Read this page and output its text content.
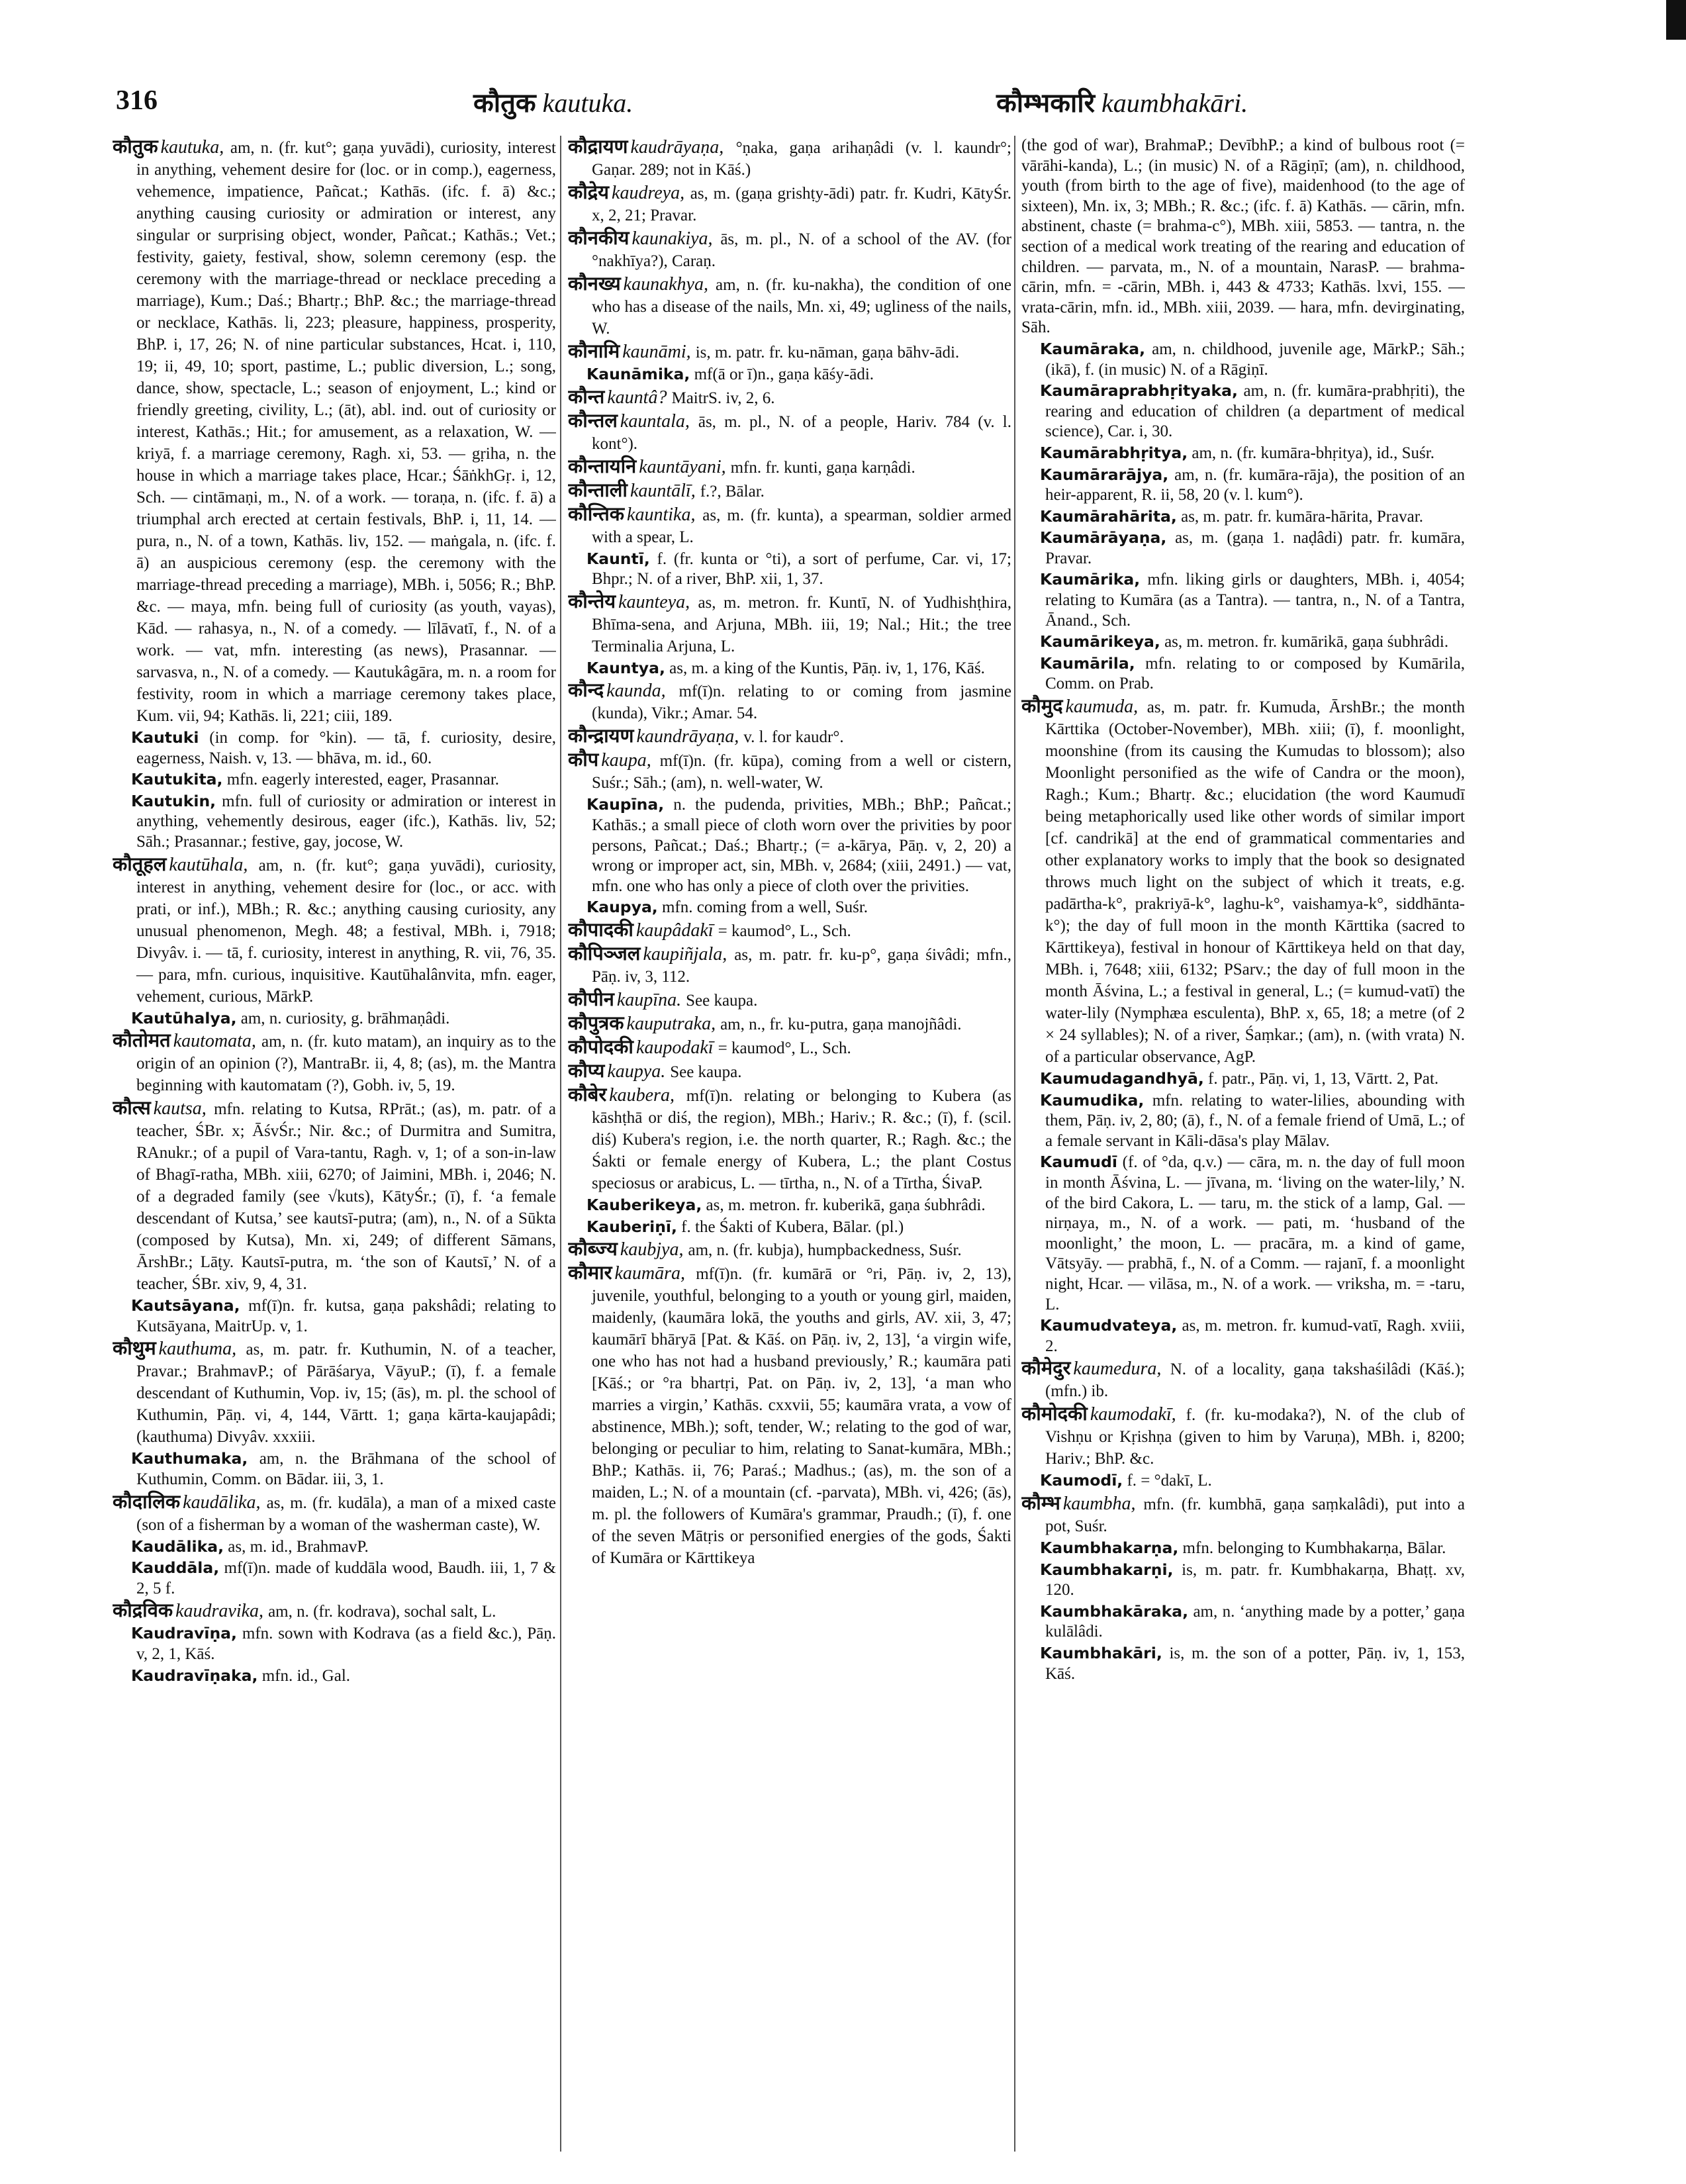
316	कौतुक kautuka.	कौम्भकारि kaumbhakāri.

कौतुक kautuka, am, n. (fr. kut°; gaṇa yuvādi), curiosity, interest in anything, vehement desire for (loc. or in comp.), eagerness, vehemence, impatience, Pañcat.; Kathās. (ifc. f. ā) &c.; anything causing curiosity or admiration or interest, any singular or surprising object, wonder, Pañcat.; Kathās.; Vet.; festivity, gaiety, festival, show, solemn ceremony (esp. the ceremony with the marriage-thread or necklace preceding a marriage), Kum.; Daś.; Bhartṛ.; BhP. &c.; the marriage-thread or necklace, Kathās. li, 223; pleasure, happiness, prosperity, BhP. i, 17, 26; N. of nine particular substances, Hcat. i, 110, 19; ii, 49, 10; sport, pastime, L.; public diversion, L.; song, dance, show, spectacle, L.; season of enjoyment, L.; kind or friendly greeting, civility, L.; (āt), abl. ind. out of curiosity or interest, Kathās.; Hit.; for amusement, as a relaxation, W. — kriyā, f. a marriage ceremony, Ragh. xi, 53. — gṛiha, n. the house in which a marriage takes place, Hcar.; ŚāṅkhGṛ. i, 12, Sch. — cintāmaṇi, m., N. of a work. — toraṇa, n. (ifc. f. ā) a triumphal arch erected at certain festivals, BhP. i, 11, 14. — pura, n., N. of a town, Kathās. liv, 152. — maṅgala, n. (ifc. f. ā) an auspicious ceremony (esp. the ceremony with the marriage-thread preceding a marriage), MBh. i, 5056; R.; BhP. &c. — maya, mfn. being full of curiosity (as youth, vayas), Kād. — rahasya, n., N. of a comedy. — līlāvatī, f., N. of a work. — vat, mfn. interesting (as news), Prasannar. — sarvasva, n., N. of a comedy. — Kautukâgāra, m. n. a room for festivity, room in which a marriage ceremony takes place, Kum. vii, 94; Kathās. li, 221; ciii, 189.

Kautuki (in comp. for °kin). — tā, f. curiosity, desire, eagerness, Naish. v, 13. — bhāva, m. id., 60.

Kautukita, mfn. eagerly interested, eager, Prasannar.

Kautukin, mfn. full of curiosity or admiration or interest in anything, vehemently desirous, eager (ifc.), Kathās. liv, 52; Sāh.; Prasannar.; festive, gay, jocose, W.

कौतूहल kautūhala, am, n. (fr. kut°; gaṇa yuvādi), curiosity, interest in anything, vehement desire for (loc., or acc. with prati, or inf.), MBh.; R. &c.; anything causing curiosity, any unusual phenomenon, Megh. 48; a festival, MBh. i, 7918; Divyâv. i. — tā, f. curiosity, interest in anything, R. vii, 76, 35. — para, mfn. curious, inquisitive. Kautūhalânvita, mfn. eager, vehement, curious, MārkP.

Kautūhalya, am, n. curiosity, g. brāhmaṇâdi.

कौतोमत kautomata, am, n. (fr. kuto matam), an inquiry as to the origin of an opinion (?), MantraBr. ii, 4, 8; (as), m. the Mantra beginning with kautomatam (?), Gobh. iv, 5, 19.

कौत्स kautsa, mfn. relating to Kutsa, RPrāt.; (as), m. patr. of a teacher, ŚBr. x; ĀśvŚr.; Nir. &c.; of Durmitra and Sumitra, RAnukr.; of a pupil of Vara-tantu, Ragh. v, 1; of a son-in-law of Bhagī-ratha, MBh. xiii, 6270; of Jaimini, MBh. i, 2046; N. of a degraded family (see √kuts), KātyŚr.; (ī), f. ‘a female descendant of Kutsa,’ see kautsī-putra; (am), n., N. of a Sūkta (composed by Kutsa), Mn. xi, 249; of different Sāmans, ĀrshBr.; Lāṭy. Kautsī-putra, m. ‘the son of Kautsī,’ N. of a teacher, ŚBr. xiv, 9, 4, 31.

Kautsāyana, mf(ī)n. fr. kutsa, gaṇa pakshâdi; relating to Kutsāyana, MaitrUp. v, 1.

कौथुम kauthuma, as, m. patr. fr. Kuthumin, N. of a teacher, Pravar.; BrahmavP.; of Pārāśarya, VāyuP.; (ī), f. a female descendant of Kuthumin, Vop. iv, 15; (ās), m. pl. the school of Kuthumin, Pāṇ. vi, 4, 144, Vārtt. 1; gaṇa kārta-kaujapâdi; (kauthuma) Divyâv. xxxiii.

Kauthumaka, am, n. the Brāhmana of the school of Kuthumin, Comm. on Bādar. iii, 3, 1.

कौदालिक kaudālika, as, m. (fr. kudāla), a man of a mixed caste (son of a fisherman by a woman of the washerman caste), W.

Kaudālika, as, m. id., BrahmavP.

Kauddāla, mf(ī)n. made of kuddāla wood, Baudh. iii, 1, 7 & 2, 5 f.

कौद्रविक kaudravika, am, n. (fr. kodrava), sochal salt, L.

Kaudravīṇa, mfn. sown with Kodrava (as a field &c.), Pāṇ. v, 2, 1, Kāś.

Kaudravīṇaka, mfn. id., Gal.

कौद्रायण kaudrāyaṇa, °ṇaka, gaṇa arihaṇâdi (v. l. kaundr°; Gaṇar. 289; not in Kāś.)

कौद्रेय kaudreya, as, m. (gaṇa grishṭy-ādi) patr. fr. Kudri, KātyŚr. x, 2, 21; Pravar.

कौनकीय kaunakiya, ās, m. pl., N. of a school of the AV. (for °nakhīya?), Caraṇ.

कौनख्य kaunakhya, am, n. (fr. ku-nakha), the condition of one who has a disease of the nails, Mn. xi, 49; ugliness of the nails, W.

कौनामि kaunāmi, is, m. patr. fr. ku-nāman, gaṇa bāhv-ādi.

Kaunāmika, mf(ā or ī)n., gaṇa kāśy-ādi.

कौन्त kauntâ? MaitrS. iv, 2, 6.

कौन्तल kauntala, ās, m. pl., N. of a people, Hariv. 784 (v. l. kont°).

कौन्तायनि kauntāyani, mfn. fr. kunti, gaṇa karṇâdi.

कौन्ताली kauntālī, f.?, Bālar.

कौन्तिक kauntika, as, m. (fr. kunta), a spearman, soldier armed with a spear, L.

Kauntī, f. (fr. kunta or °ti), a sort of perfume, Car. vi, 17; Bhpr.; N. of a river, BhP. xii, 1, 37.

कौन्तेय kaunteya, as, m. metron. fr. Kuntī, N. of Yudhishṭhira, Bhīma-sena, and Arjuna, MBh. iii, 19; Nal.; Hit.; the tree Terminalia Arjuna, L.

Kauntya, as, m. a king of the Kuntis, Pāṇ. iv, 1, 176, Kāś.

कौन्द kaunda, mf(ī)n. relating to or coming from jasmine (kunda), Vikr.; Amar. 54.

कौन्द्रायण kaundrāyaṇa, v. l. for kaudr°.

कौप kaupa, mf(ī)n. (fr. kūpa), coming from a well or cistern, Suśr.; Sāh.; (am), n. well-water, W.

Kaupīna, n. the pudenda, privities, MBh.; BhP.; Pañcat.; Kathās.; a small piece of cloth worn over the privities by poor persons, Pañcat.; Daś.; Bhartṛ.; (= a-kārya, Pāṇ. v, 2, 20) a wrong or improper act, sin, MBh. v, 2684; (xiii, 2491.) — vat, mfn. one who has only a piece of cloth over the privities.

Kaupya, mfn. coming from a well, Suśr.

कौपादकी kaupâdakī = kaumod°, L., Sch.

कौपिञ्जल kaupiñjala, as, m. patr. fr. ku-p°, gaṇa śivâdi; mfn., Pāṇ. iv, 3, 112.

कौपीन kaupīna. See kaupa.

कौपुत्रक kauputraka, am, n., fr. ku-putra, gaṇa manojñâdi.

कौपोदकी kaupodakī = kaumod°, L., Sch.

कौप्य kaupya. See kaupa.

कौबेर kaubera, mf(ī)n. relating or belonging to Kubera (as kāshṭhā or diś, the region), MBh.; Hariv.; R. &c.; (ī), f. (scil. diś) Kubera's region, i.e. the north quarter, R.; Ragh. &c.; the Śakti or female energy of Kubera, L.; the plant Costus speciosus or arabicus, L. — tīrtha, n., N. of a Tīrtha, ŚivaP.

Kauberikeya, as, m. metron. fr. kuberikā, gaṇa śubhrâdi.

Kauberiṇī, f. the Śakti of Kubera, Bālar. (pl.)

कौब्ज्य kaubjya, am, n. (fr. kubja), humpbackedness, Suśr.

कौमार kaumāra, mf(ī)n. (fr. kumārā or °ri, Pāṇ. iv, 2, 13), juvenile, youthful, belonging to a youth or young girl, maiden, maidenly, (kaumāra lokā, the youths and girls, AV. xii, 3, 47; kaumārī bhāryā [Pat. & Kāś. on Pāṇ. iv, 2, 13], ‘a virgin wife, one who has not had a husband previously,’ R.; kaumāra pati [Kāś.; or °ra bhartṛi, Pat. on Pāṇ. iv, 2, 13], ‘a man who marries a virgin,’ Kathās. cxxvii, 55; kaumāra vrata, a vow of abstinence, MBh.); soft, tender, W.; relating to the god of war, belonging or peculiar to him, relating to Sanat-kumāra, MBh.; BhP.; Kathās. ii, 76; Paraś.; Madhus.; (as), m. the son of a maiden, L.; N. of a mountain (cf. -parvata), MBh. vi, 426; (ās), m. pl. the followers of Kumāra's grammar, Praudh.; (ī), f. one of the seven Mātṛis or personified energies of the gods, Śakti of Kumāra or Kārttikeya

(the god of war), BrahmaP.; DevībhP.; a kind of bulbous root (= vārāhi-kanda), L.; (in music) N. of a Rāgiṇī; (am), n. childhood, youth (from birth to the age of five), maidenhood (to the age of sixteen), Mn. ix, 3; MBh.; R. &c.; (ifc. f. ā) Kathās. — cārin, mfn. abstinent, chaste (= brahma-c°), MBh. xiii, 5853. — tantra, n. the section of a medical work treating of the rearing and education of children. — parvata, m., N. of a mountain, NarasP. — brahma-cārin, mfn. = -cārin, MBh. i, 443 & 4733; Kathās. lxvi, 155. — vrata-cārin, mfn. id., MBh. xiii, 2039. — hara, mfn. devirginating, Sāh.

Kaumāraka, am, n. childhood, juvenile age, MārkP.; Sāh.; (ikā), f. (in music) N. of a Rāgiṇī.

Kaumāraprabhṛityaka, am, n. (fr. kumāra-prabhṛiti), the rearing and education of children (a department of medical science), Car. i, 30.

Kaumārabhṛitya, am, n. (fr. kumāra-bhṛitya), id., Suśr.

Kaumārarājya, am, n. (fr. kumāra-rāja), the position of an heir-apparent, R. ii, 58, 20 (v. l. kum°).

Kaumārahārita, as, m. patr. fr. kumāra-hārita, Pravar.

Kaumārāyaṇa, as, m. (gaṇa 1. naḍâdi) patr. fr. kumāra, Pravar.

Kaumārika, mfn. liking girls or daughters, MBh. i, 4054; relating to Kumāra (as a Tantra). — tantra, n., N. of a Tantra, Ānand., Sch.

Kaumārikeya, as, m. metron. fr. kumārikā, gaṇa śubhrâdi.

Kaumārila, mfn. relating to or composed by Kumārila, Comm. on Prab.

कौमुद kaumuda, as, m. patr. fr. Kumuda, ĀrshBr.; the month Kārttika (October-November), MBh. xiii; (ī), f. moonlight, moonshine (from its causing the Kumudas to blossom); also Moonlight personified as the wife of Candra or the moon), Ragh.; Kum.; Bhartṛ. &c.; elucidation (the word Kaumudī being metaphorically used like other words of similar import [cf. candrikā] at the end of grammatical commentaries and other explanatory works to imply that the book so designated throws much light on the subject of which it treats, e.g. padārtha-k°, prakriyā-k°, laghu-k°, vaishamya-k°, siddhānta-k°); the day of full moon in the month Kārttika (sacred to Kārttikeya), festival in honour of Kārttikeya held on that day, MBh. i, 7648; xiii, 6132; PSarv.; the day of full moon in the month Āśvina, L.; a festival in general, L.; (= kumud-vatī) the water-lily (Nymphæa esculenta), BhP. x, 65, 18; a metre (of 2 × 24 syllables); N. of a river, Śaṃkar.; (am), n. (with vrata) N. of a particular observance, AgP.

Kaumudagandhyā, f. patr., Pāṇ. vi, 1, 13, Vārtt. 2, Pat.

Kaumudika, mfn. relating to water-lilies, abounding with them, Pāṇ. iv, 2, 80; (ā), f., N. of a female friend of Umā, L.; of a female servant in Kāli-dāsa's play Mālav.

Kaumudī (f. of °da, q.v.) — cāra, m. n. the day of full moon in month Āśvina, L. — jīvana, m. ‘living on the water-lily,’ N. of the bird Cakora, L. — taru, m. the stick of a lamp, Gal. — nirṇaya, m., N. of a work. — pati, m. ‘husband of the moonlight,’ the moon, L. — pracāra, m. a kind of game, Vātsyāy. — prabhā, f., N. of a Comm. — rajanī, f. a moonlight night, Hcar. — vilāsa, m., N. of a work. — vriksha, m. = -taru, L.

Kaumudvateya, as, m. metron. fr. kumud-vatī, Ragh. xviii, 2.

कौमेदुर kaumedura, N. of a locality, gaṇa takshaśilâdi (Kāś.); (mfn.) ib.

कौमोदकी kaumodakī, f. (fr. ku-modaka?), N. of the club of Vishṇu or Kṛishṇa (given to him by Varuṇa), MBh. i, 8200; Hariv.; BhP. &c.

Kaumodī, f. = °dakī, L.

कौम्भ kaumbha, mfn. (fr. kumbhā, gaṇa saṃkalâdi), put into a pot, Suśr.

Kaumbhakarṇa, mfn. belonging to Kumbhakarṇa, Bālar.

Kaumbhakarṇi, is, m. patr. fr. Kumbhakarṇa, Bhaṭṭ. xv, 120.

Kaumbhakāraka, am, n. ‘anything made by a potter,’ gaṇa kulālâdi.

Kaumbhakāri, is, m. the son of a potter, Pāṇ. iv, 1, 153, Kāś.
